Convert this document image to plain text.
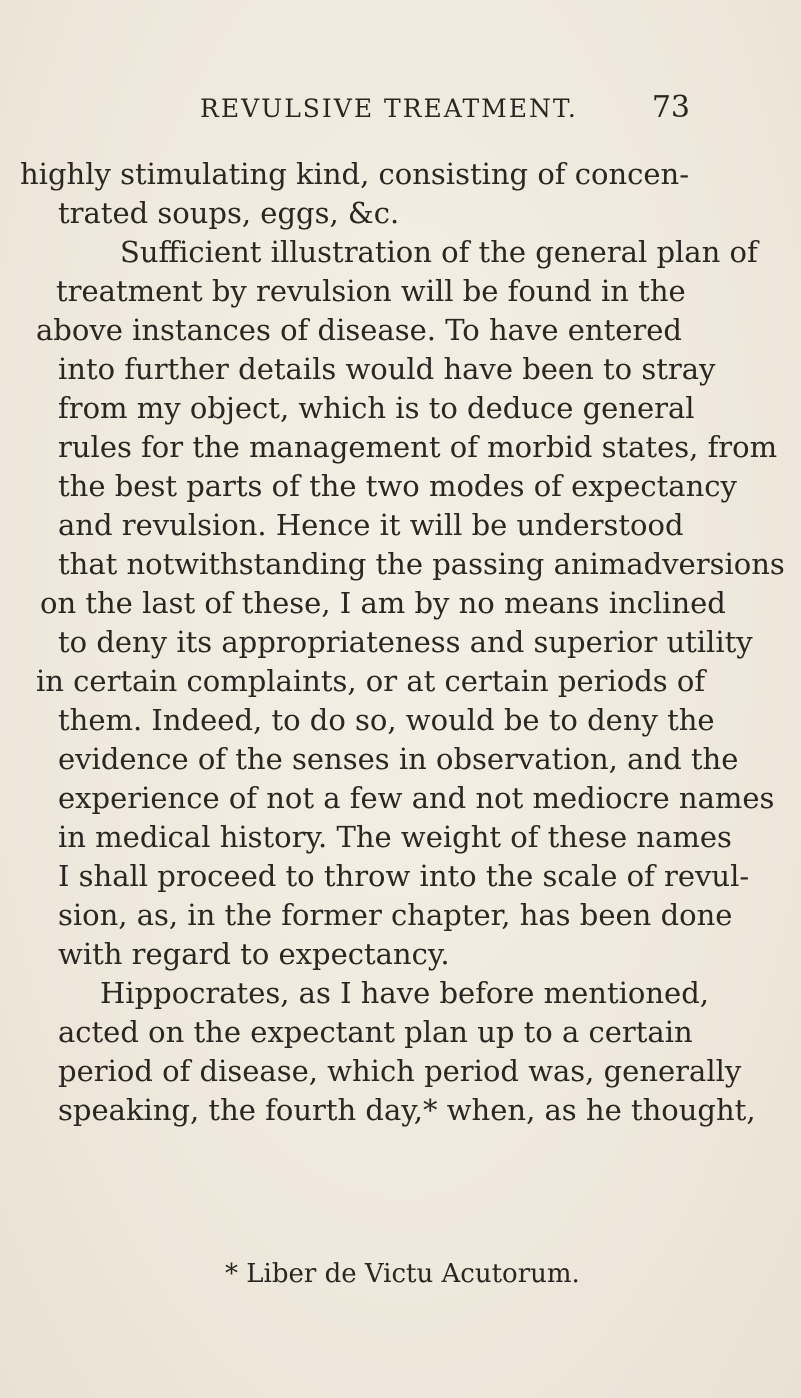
REVULSIVE TREATMENT. 73
highly stimulating kind, consisting of concen-
trated soups, eggs, &c.
Sufficient illustration of the general plan of
treatment by revulsion will be found in the
above instances of disease. To have entered
into further details would have been to stray
from my object, which is to deduce general
rules for the management of morbid states, from
the best parts of the two modes of expectancy
and revulsion. Hence it will be understood
that notwithstanding the passing animadversions
on the last of these, I am by no means inclined
to deny its appropriateness and superior utility
in certain complaints, or at certain periods of
them. Indeed, to do so, would be to deny the
evidence of the senses in observation, and the
experience of not a few and not mediocre names
in medical history. The weight of these names
I shall proceed to throw into the scale of revul-
sion, as, in the former chapter, has been done
with regard to expectancy.
Hippocrates, as I have before mentioned,
acted on the expectant plan up to a certain
period of disease, which period was, generally
speaking, the fourth day,* when, as he thought,
* Liber de Victu Acutorum.
